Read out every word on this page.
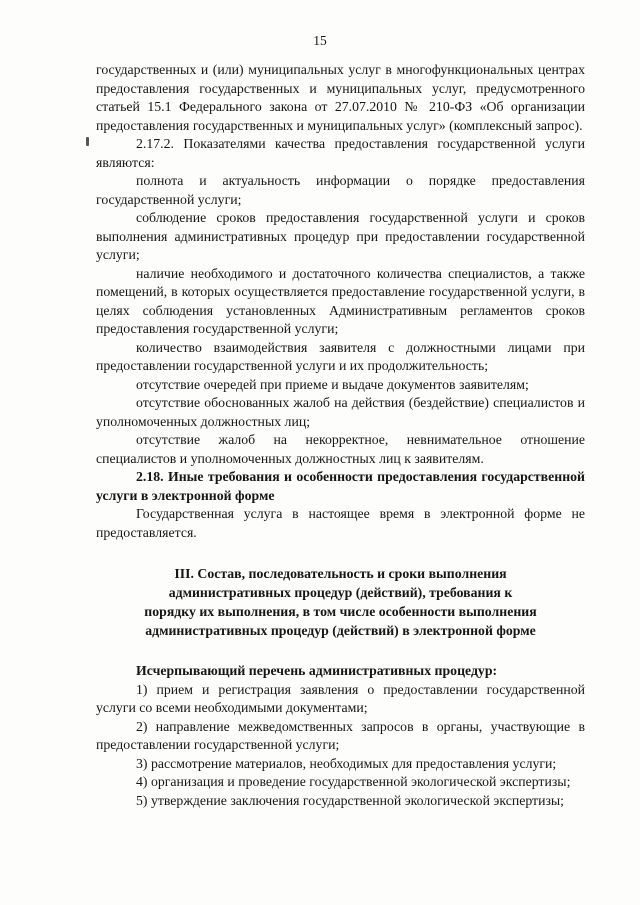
15

государственных и (или) муниципальных услуг в многофункциональных центрах предоставления государственных и муниципальных услуг, предусмотренного статьей 15.1 Федерального закона от 27.07.2010 № 210-ФЗ «Об организации предоставления государственных и муниципальных услуг» (комплексный запрос).

2.17.2. Показателями качества предоставления государственной услуги являются:

полнота и актуальность информации о порядке предоставления государственной услуги;

соблюдение сроков предоставления государственной услуги и сроков выполнения административных процедур при предоставлении государственной услуги;

наличие необходимого и достаточного количества специалистов, а также помещений, в которых осуществляется предоставление государственной услуги, в целях соблюдения установленных Административным регламентов сроков предоставления государственной услуги;

количество взаимодействия заявителя с должностными лицами при предоставлении государственной услуги и их продолжительность;

отсутствие очередей при приеме и выдаче документов заявителям;

отсутствие обоснованных жалоб на действия (бездействие) специалистов и уполномоченных должностных лиц;

отсутствие жалоб на некорректное, невнимательное отношение специалистов и уполномоченных должностных лиц к заявителям.

2.18. Иные требования и особенности предоставления государственной услуги в электронной форме

Государственная услуга в настоящее время в электронной форме не предоставляется.

III. Состав, последовательность и сроки выполнения

административных процедур (действий), требования к

порядку их выполнения, в том числе особенности выполнения

административных процедур (действий) в электронной форме

Исчерпывающий перечень административных процедур:

1) прием и регистрация заявления о предоставлении государственной услуги со всеми необходимыми документами;

2) направление межведомственных запросов в органы, участвующие в предоставлении государственной услуги;

3) рассмотрение материалов, необходимых для предоставления услуги;

4) организация и проведение государственной экологической экспертизы;

5) утверждение заключения государственной экологической экспертизы;
